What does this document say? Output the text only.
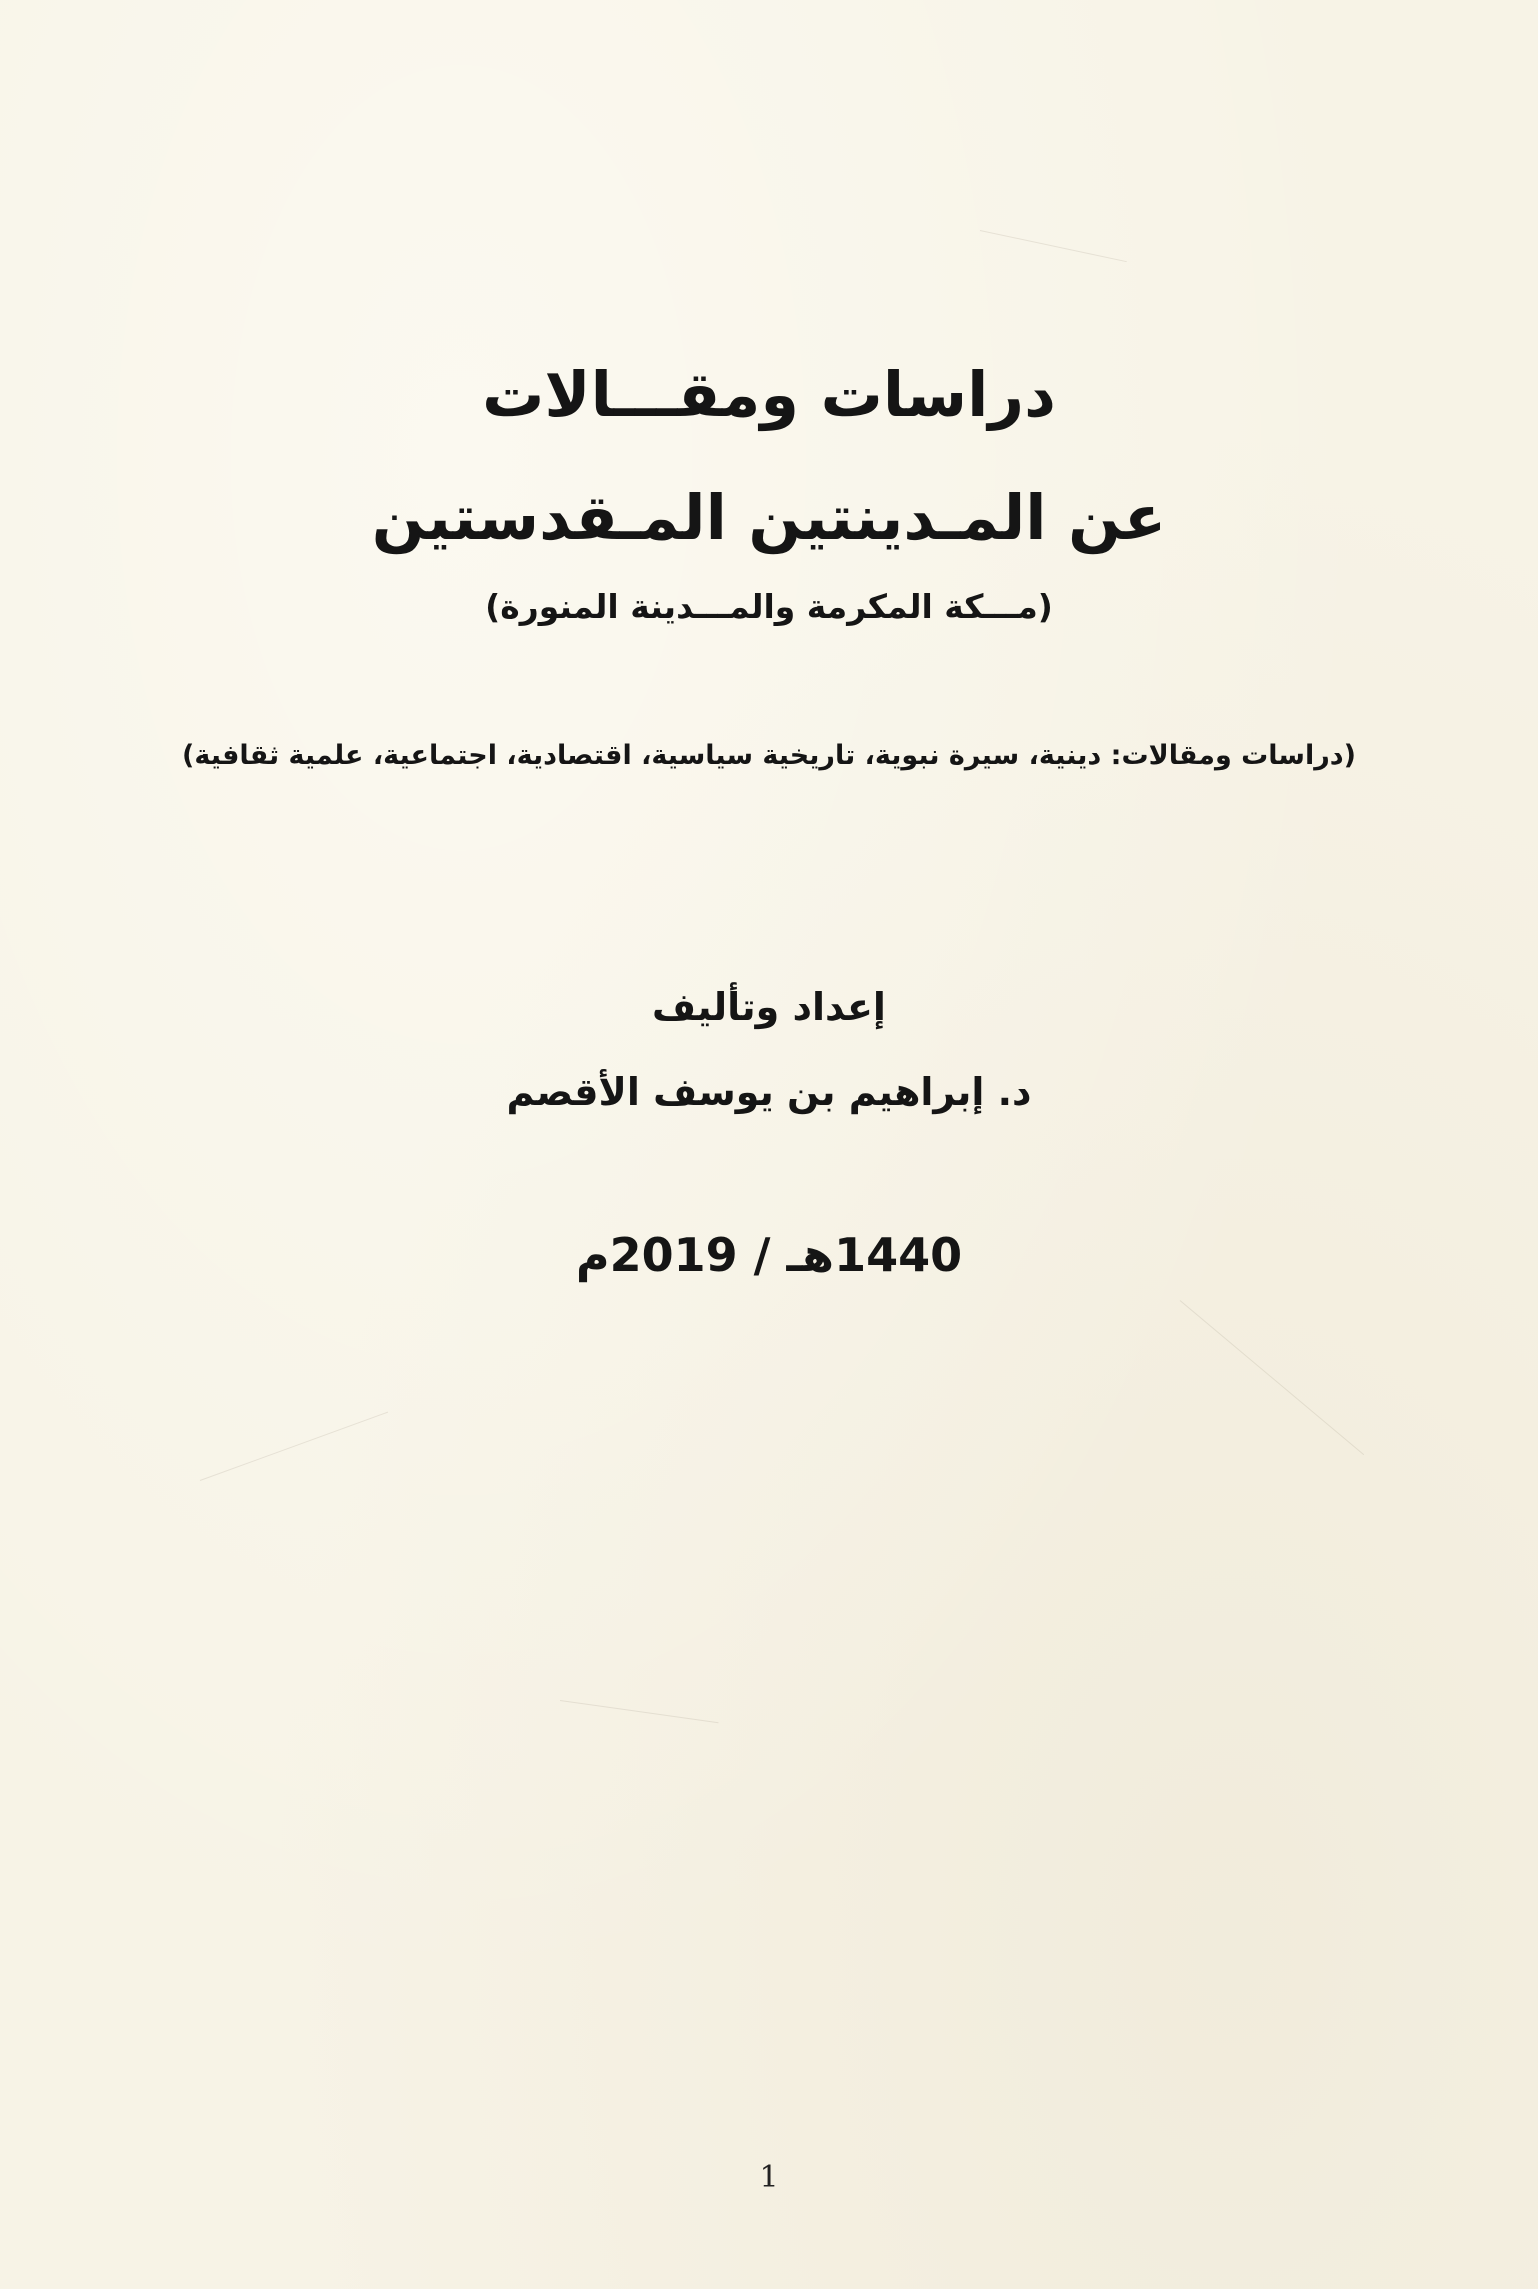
دراسات ومقـــالات
عن المـدينتين المـقدستين
(مـــكة المكرمة والمـــدينة المنورة)
(دراسات ومقالات: دينية، سيرة نبوية، تاريخية سياسية، اقتصادية، اجتماعية، علمية ثقافية)
إعداد وتأليف
د. إبراهيم بن يوسف الأقصم
1440هـ / 2019م
1
